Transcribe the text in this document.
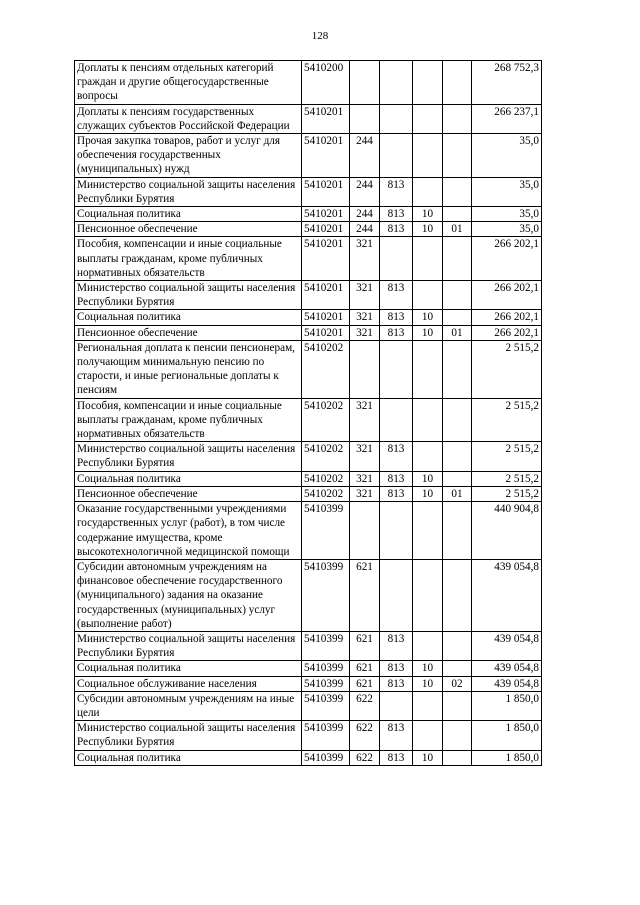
128
Доплаты к пенсиям отдельных категорий граждан и другие общегосударственные вопросы	5410200					268 752,3
Доплаты к пенсиям государственных служащих субъектов Российской Федерации	5410201					266 237,1
Прочая закупка товаров, работ и услуг для обеспечения государственных (муниципальных) нужд	5410201	244				35,0
Министерство социальной защиты населения Республики Бурятия	5410201	244	813			35,0
Социальная политика	5410201	244	813	10		35,0
Пенсионное обеспечение	5410201	244	813	10	01	35,0
Пособия, компенсации и иные социальные выплаты гражданам, кроме публичных нормативных обязательств	5410201	321				266 202,1
Министерство социальной защиты населения Республики Бурятия	5410201	321	813			266 202,1
Социальная политика	5410201	321	813	10		266 202,1
Пенсионное обеспечение	5410201	321	813	10	01	266 202,1
Региональная доплата к пенсии пенсионерам, получающим минимальную пенсию по старости, и иные региональные доплаты к пенсиям	5410202					2 515,2
Пособия, компенсации и иные социальные выплаты гражданам, кроме публичных нормативных обязательств	5410202	321				2 515,2
Министерство социальной защиты населения Республики Бурятия	5410202	321	813			2 515,2
Социальная политика	5410202	321	813	10		2 515,2
Пенсионное обеспечение	5410202	321	813	10	01	2 515,2
Оказание государственными учреждениями государственных услуг (работ), в том числе содержание имущества, кроме высокотехнологичной медицинской помощи	5410399					440 904,8
Субсидии автономным учреждениям на финансовое обеспечение государственного (муниципального) задания на оказание государственных (муниципальных) услуг (выполнение работ)	5410399	621				439 054,8
Министерство социальной защиты населения Республики Бурятия	5410399	621	813			439 054,8
Социальная политика	5410399	621	813	10		439 054,8
Социальное обслуживание населения	5410399	621	813	10	02	439 054,8
Субсидии автономным учреждениям на иные цели	5410399	622				1 850,0
Министерство социальной защиты населения Республики Бурятия	5410399	622	813			1 850,0
Социальная политика	5410399	622	813	10		1 850,0
